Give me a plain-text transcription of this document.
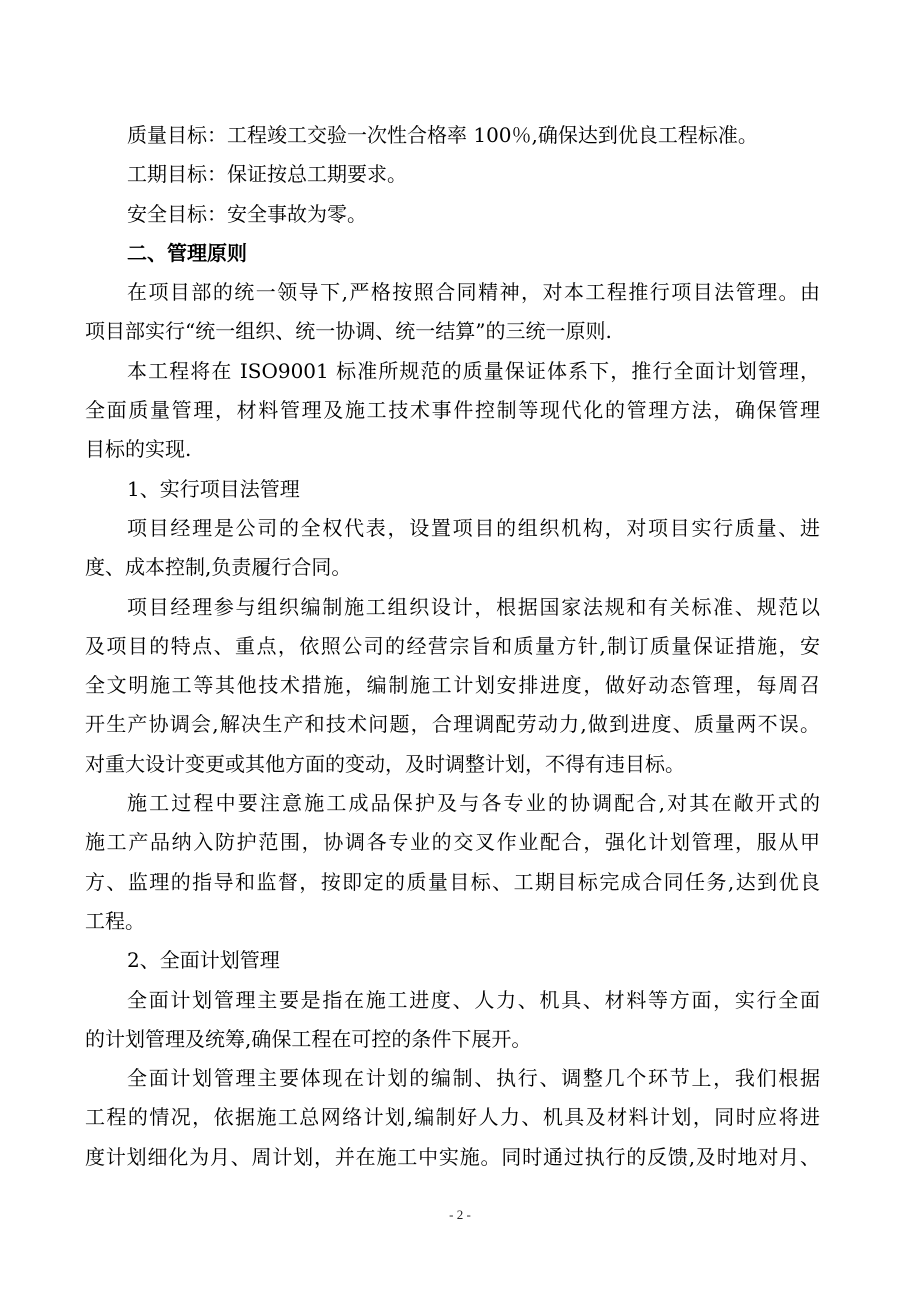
质量目标：工程竣工交验一次性合格率 100％,确保达到优良工程标准。
工期目标：保证按总工期要求。
安全目标：安全事故为零。
二、管理原则
在项目部的统一领导下,严格按照合同精神，对本工程推行项目法管理。由
项目部实行“统一组织、统一协调、统一结算”的三统一原则.
本工程将在 ISO9001 标准所规范的质量保证体系下，推行全面计划管理，
全面质量管理，材料管理及施工技术事件控制等现代化的管理方法，确保管理
目标的实现.
1、实行项目法管理
项目经理是公司的全权代表，设置项目的组织机构，对项目实行质量、进
度、成本控制,负责履行合同。
项目经理参与组织编制施工组织设计，根据国家法规和有关标准、规范以
及项目的特点、重点，依照公司的经营宗旨和质量方针,制订质量保证措施，安
全文明施工等其他技术措施，编制施工计划安排进度，做好动态管理，每周召
开生产协调会,解决生产和技术问题，合理调配劳动力,做到进度、质量两不误。
对重大设计变更或其他方面的变动，及时调整计划，不得有违目标。
施工过程中要注意施工成品保护及与各专业的协调配合,对其在敞开式的
施工产品纳入防护范围，协调各专业的交叉作业配合，强化计划管理，服从甲
方、监理的指导和监督，按即定的质量目标、工期目标完成合同任务,达到优良
工程。
2、全面计划管理
全面计划管理主要是指在施工进度、人力、机具、材料等方面，实行全面
的计划管理及统筹,确保工程在可控的条件下展开。
全面计划管理主要体现在计划的编制、执行、调整几个环节上，我们根据
工程的情况，依据施工总网络计划,编制好人力、机具及材料计划，同时应将进
度计划细化为月、周计划，并在施工中实施。同时通过执行的反馈,及时地对月、
- 2 -
